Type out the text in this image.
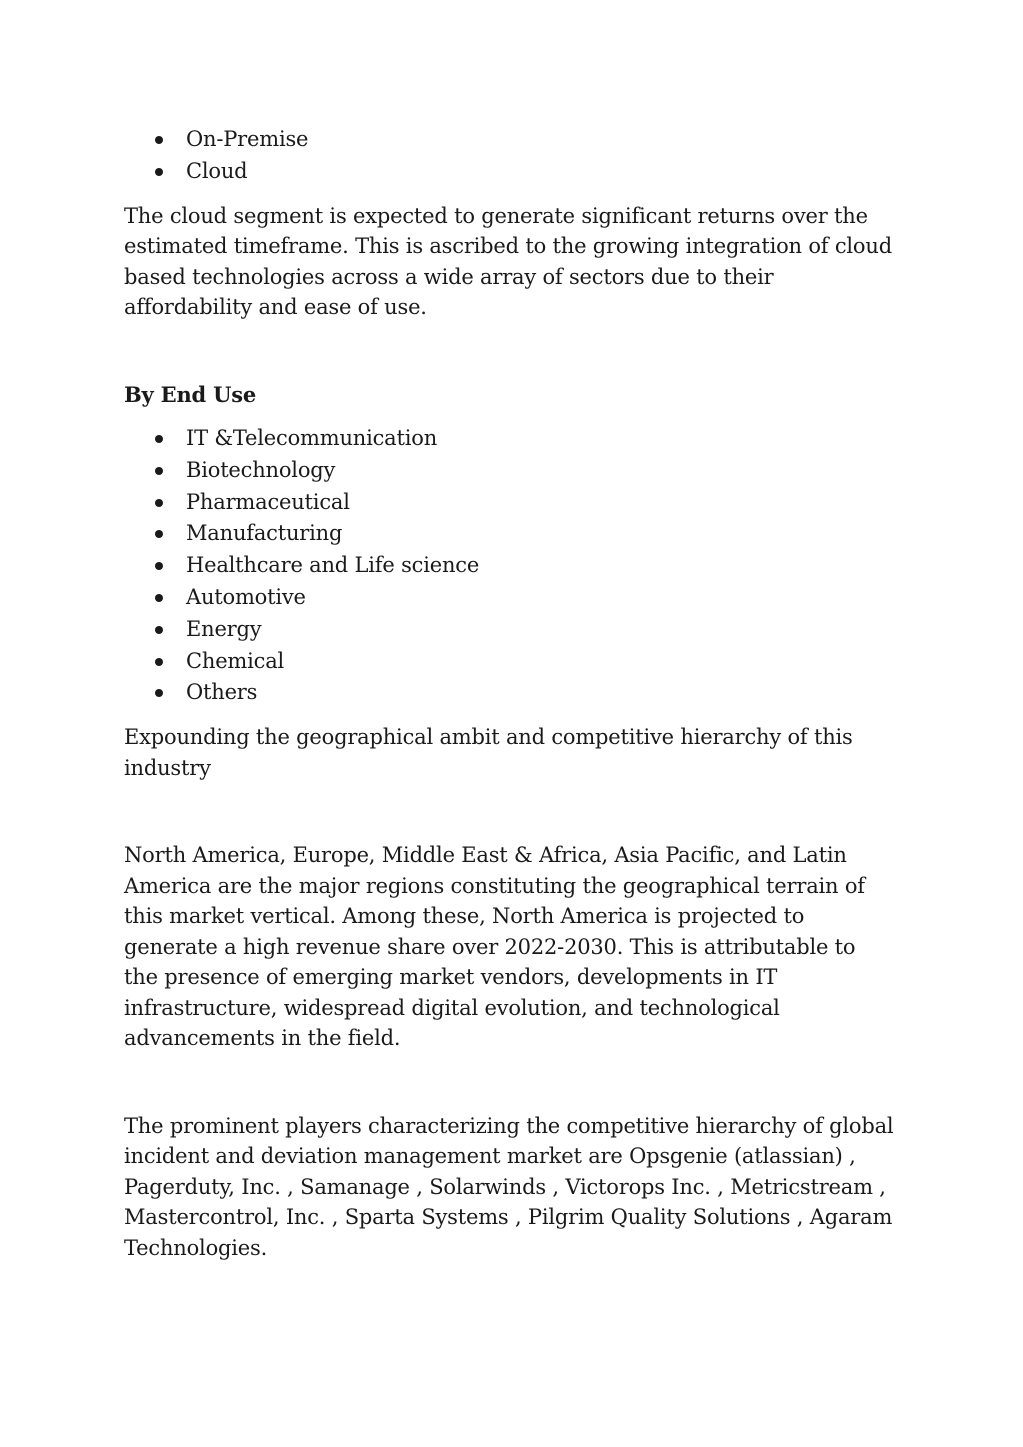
On-Premise
Cloud

The cloud segment is expected to generate significant returns over the estimated timeframe. This is ascribed to the growing integration of cloud based technologies across a wide array of sectors due to their affordability and ease of use.

By End Use

IT &Telecommunication
Biotechnology
Pharmaceutical
Manufacturing
Healthcare and Life science
Automotive
Energy
Chemical
Others

Expounding the geographical ambit and competitive hierarchy of this industry

North America, Europe, Middle East & Africa, Asia Pacific, and Latin America are the major regions constituting the geographical terrain of this market vertical. Among these, North America is projected to generate a high revenue share over 2022-2030. This is attributable to the presence of emerging market vendors, developments in IT infrastructure, widespread digital evolution, and technological advancements in the field.

The prominent players characterizing the competitive hierarchy of global incident and deviation management market are Opsgenie (atlassian) , Pagerduty, Inc. , Samanage , Solarwinds , Victorops Inc. , Metricstream , Mastercontrol, Inc. , Sparta Systems , Pilgrim Quality Solutions , Agaram Technologies.
